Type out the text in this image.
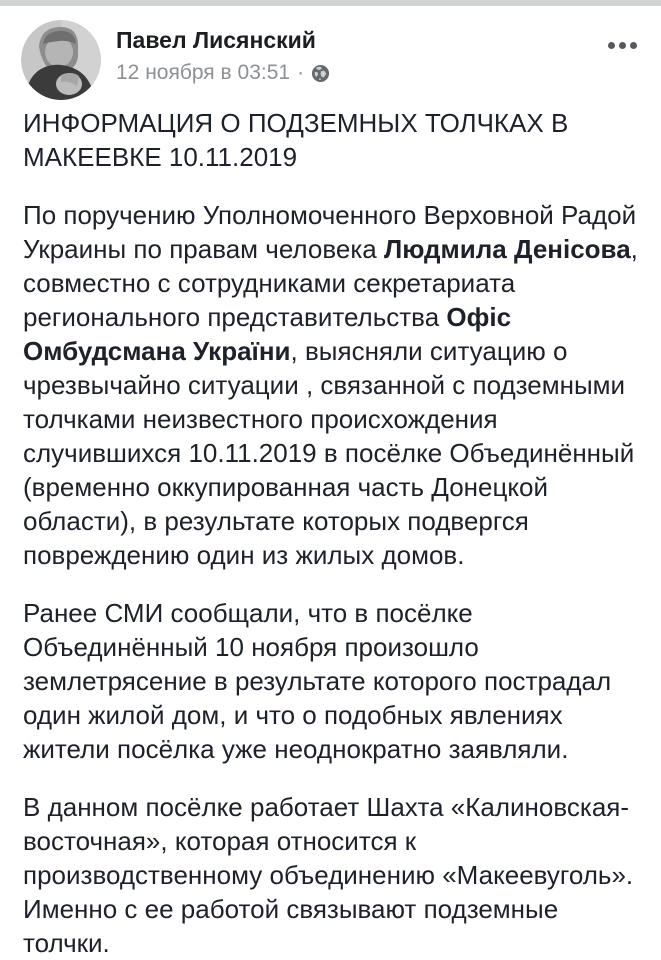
Павел Лисянский
12 ноября в 03:51 ·

ИНФОРМАЦИЯ О ПОДЗЕМНЫХ ТОЛЧКАХ В МАКЕЕВКЕ 10.11.2019

По поручению Уполномоченного Верховной Радой Украины по правам человека Людмила Денісова, совместно с сотрудниками секретариата регионального представительства Офіс Омбудсмана України, выясняли ситуацию о чрезвычайно ситуации , связанной с подземными толчками неизвестного происхождения случившихся 10.11.2019 в посёлке Объединённый (временно оккупированная часть Донецкой области), в результате которых подвергся повреждению один из жилых домов.

Ранее СМИ сообщали, что в посёлке Объединённый 10 ноября произошло землетрясение в результате которого пострадал один жилой дом, и что о подобных явлениях жители посёлка уже неоднократно заявляли.

В данном посёлке работает Шахта «Калиновская-восточная», которая относится к производственному объединению «Макеевуголь». Именно с ее работой связывают подземные толчки.
